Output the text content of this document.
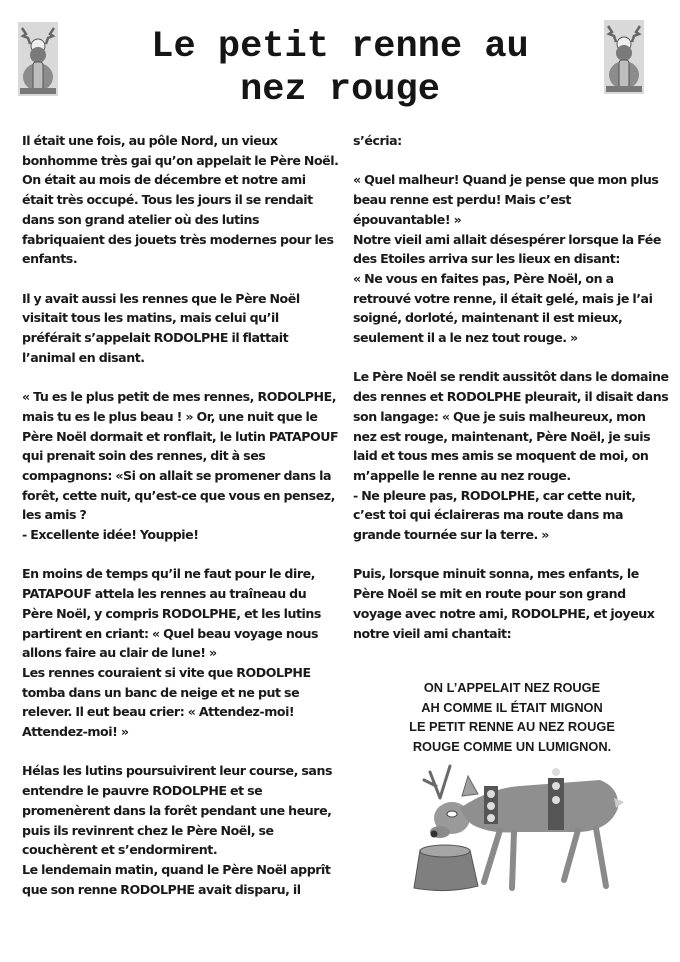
Le petit renne au
nez rouge

Il était une fois, au pôle Nord, un vieux bonhomme très gai qu’on appelait le Père Noël. On était au mois de décembre et notre ami était très occupé. Tous les jours il se rendait dans son grand atelier où des lutins fabriquaient des jouets très modernes pour les enfants.

Il y avait aussi les rennes que le Père Noël visitait tous les matins, mais celui qu’il préférait s’appelait RODOLPHE il flattait l’animal en disant.

« Tu es le plus petit de mes rennes, RODOLPHE, mais tu es le plus beau ! » Or, une nuit que le Père Noël dormait et ronflait, le lutin PATAPOUF qui prenait soin des rennes, dit à ses compagnons: «Si on allait se promener dans la forêt, cette nuit, qu’est-ce que vous en pensez, les amis ?

- Excellente idée! Youppie!

En moins de temps qu’il ne faut pour le dire, PATAPOUF attela les rennes au traîneau du Père Noël, y compris RODOLPHE, et les lutins partirent en criant: « Quel beau voyage nous allons faire au clair de lune! »

Les rennes couraient si vite que RODOLPHE tomba dans un banc de neige et ne put se relever. Il eut beau crier: « Attendez-moi! Attendez-moi! »

Hélas les lutins poursuivirent leur course, sans entendre le pauvre RODOLPHE et se promenèrent dans la forêt pendant une heure, puis ils revinrent chez le Père Noël, se couchèrent et s’endormirent.

Le lendemain matin, quand le Père Noël apprît que son renne RODOLPHE avait disparu, il

s’écria:

« Quel malheur! Quand je pense que mon plus beau renne est perdu! Mais c’est épouvantable! »

Notre vieil ami allait désespérer lorsque la Fée des Etoiles arriva sur les lieux en disant:

« Ne vous en faites pas, Père Noël, on a retrouvé votre renne, il était gelé, mais je l’ai soigné, dorloté, maintenant il est mieux, seulement il a le nez tout rouge. »

Le Père Noël se rendit aussitôt dans le domaine des rennes et RODOLPHE pleurait, il disait dans son langage: « Que je suis malheureux, mon nez est rouge, maintenant, Père Noël, je suis laid et tous mes amis se moquent de moi, on m’appelle le renne au nez rouge.

- Ne pleure pas, RODOLPHE, car cette nuit, c’est toi qui éclaireras ma route dans ma grande tournée sur la terre. »

Puis, lorsque minuit sonna, mes enfants, le Père Noël se mit en route pour son grand voyage avec notre ami, RODOLPHE, et joyeux notre vieil ami chantait:

ON L’APPELAIT NEZ ROUGE
AH COMME IL ÉTAIT MIGNON
LE PETIT RENNE AU NEZ ROUGE
ROUGE COMME UN LUMIGNON.
